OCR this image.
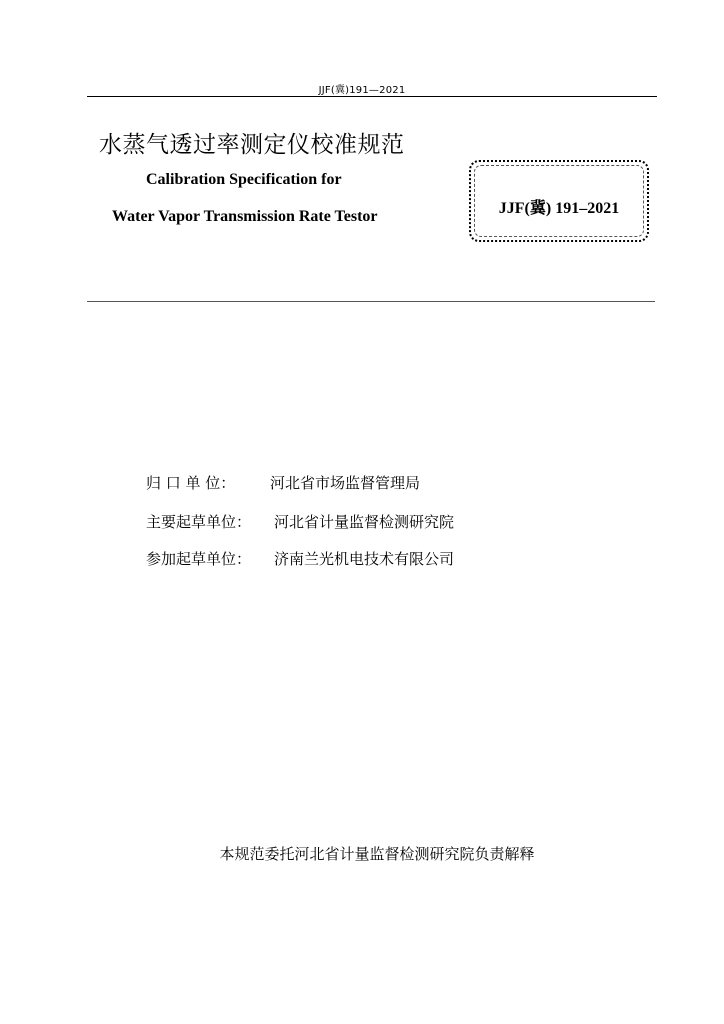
JJF(冀)191—2021
水蒸气透过率测定仪校准规范
Calibration Specification for
Water Vapor Transmission Rate Testor	JJF(冀) 191–2021
归 口 单 位： 河北省市场监督管理局
主要起草单位： 河北省计量监督检测研究院
参加起草单位： 济南兰光机电技术有限公司
本规范委托河北省计量监督检测研究院负责解释
